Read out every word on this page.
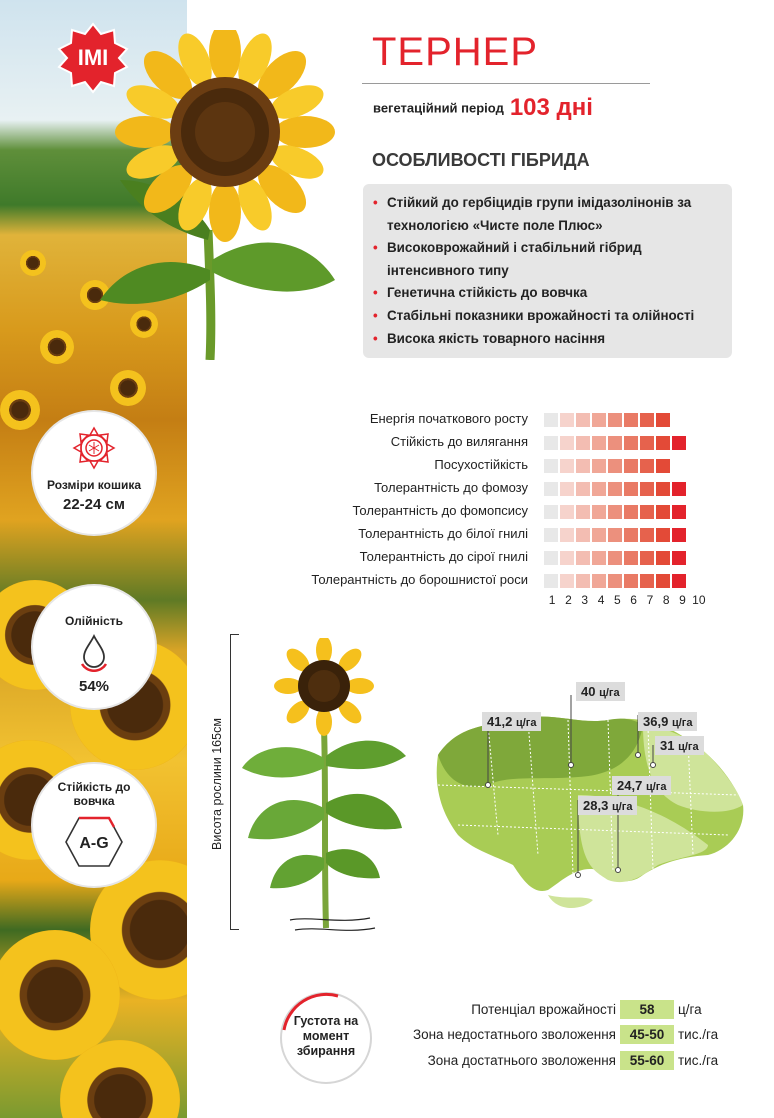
IMI	ТЕРНЕР
вегетаційний період 103 дні
ОСОБЛИВОСТІ ГІБРИДА
• Стійкий до гербіцидів групи імідазолінонів за технологією «Чисте поле Плюс»
• Високоврожайний і стабільний гібрид інтенсивного типу
• Генетична стійкість до вовчка
• Стабільні показники врожайності та олійності
• Висока якість товарного насіння
Енергія початкового росту
Стійкість до вилягання
Посухостійкість
Толерантність до фомозу
Толерантність до фомопсису
Толерантність до білої гнилі
Толерантність до сірої гнилі
Толерантність до борошнистої роси
1 2 3 4 5 6 7 8 9 10
Розміри кошика
22-24 см
Олійність
54%
Стійкість до вовчка
A-G	Висота рослини 165см	41,2 ц/га
40 ц/га
36,9 ц/га
31 ц/га
24,7 ц/га
28,3 ц/га
Густота на момент збирання
Потенціал врожайності	58	ц/га
Зона недостатнього зволоження	45-50	тис./га
Зона достатнього зволоження	55-60	тис./га
